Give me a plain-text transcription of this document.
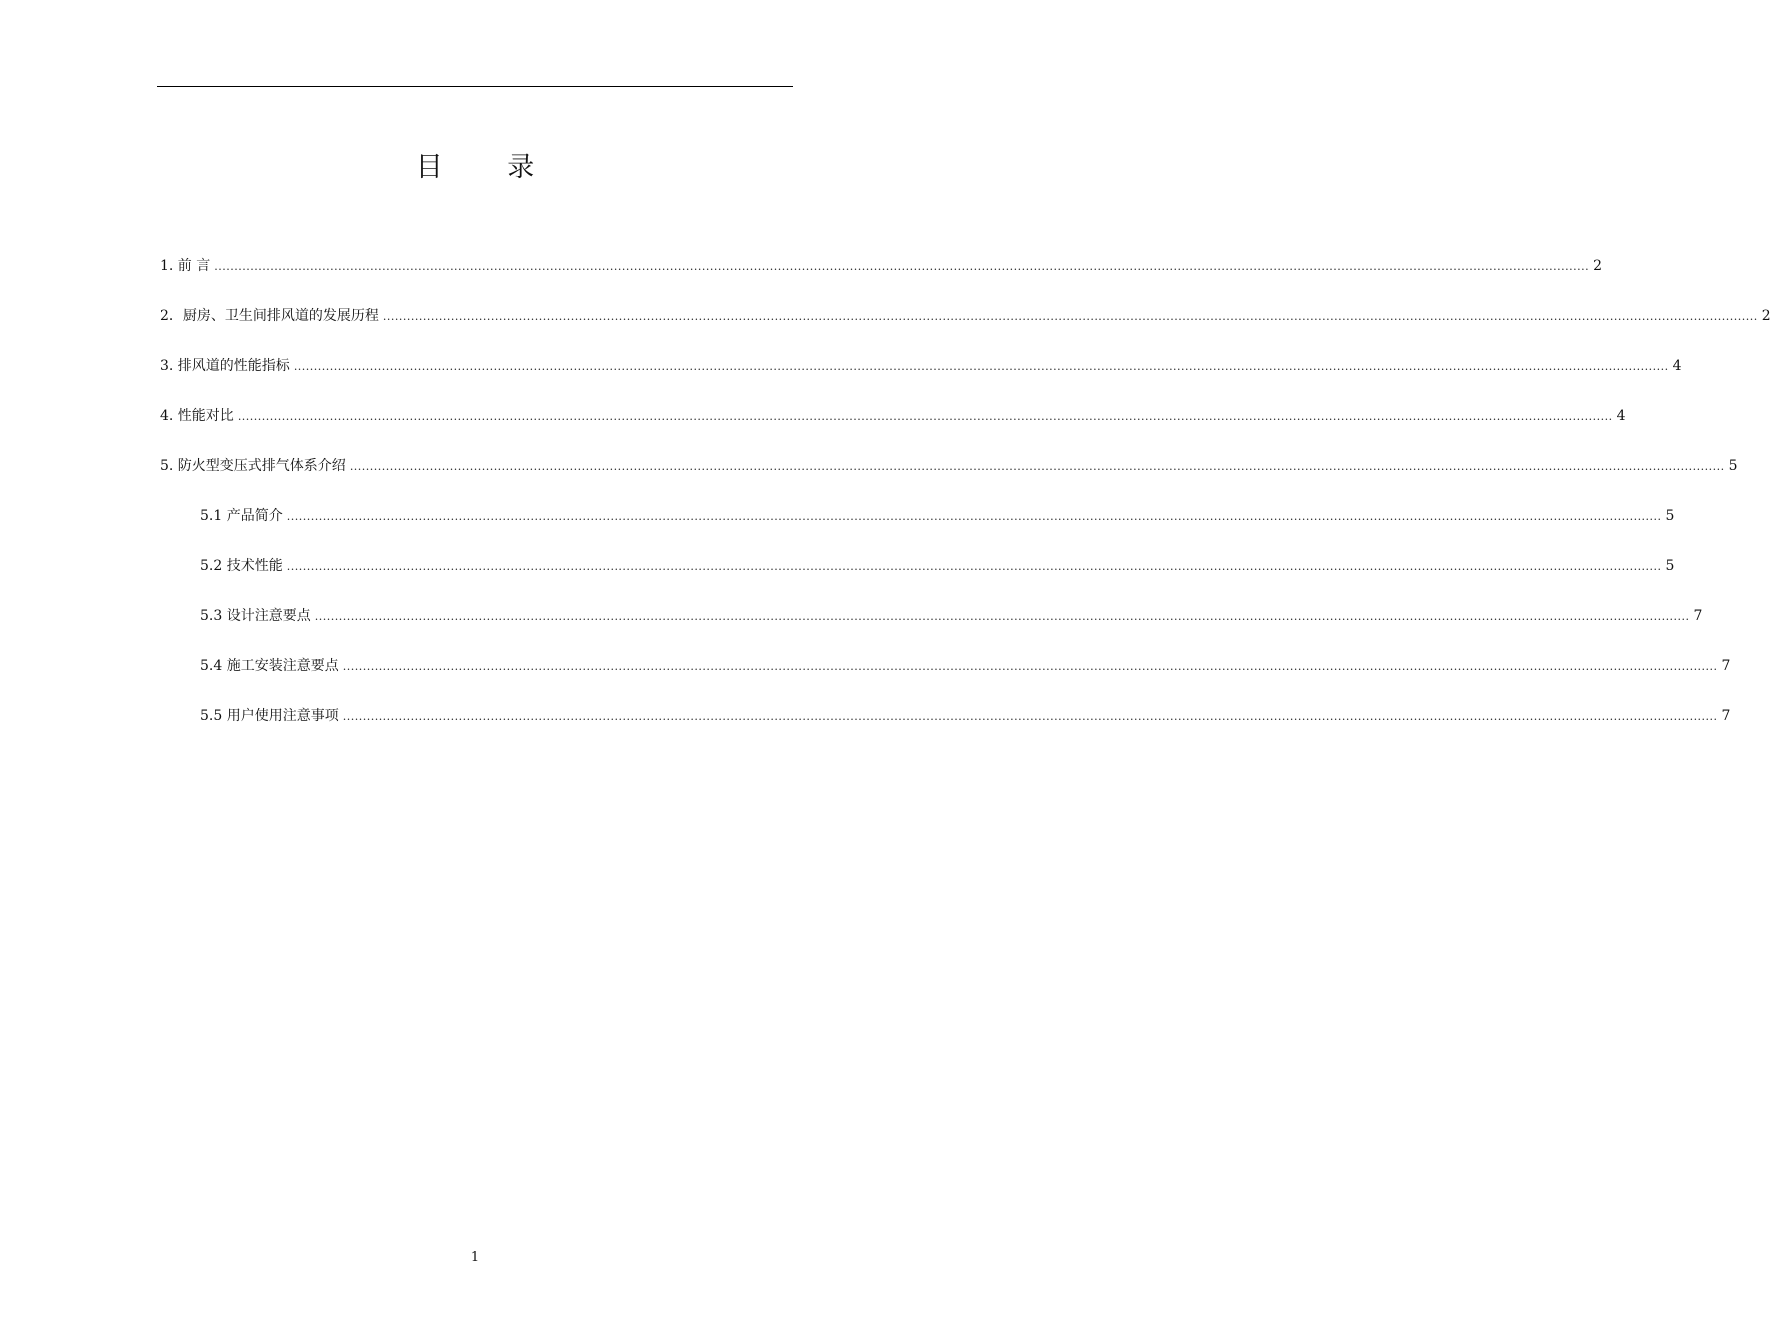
目 录
1. 前 言 ........................................................................................................................................................................................................................................................................................................................................................ 2
2．厨房、卫生间排风道的发展历程 ........................................................................................................................................................................................................................................................................................................................................................ 2
3. 排风道的性能指标 ........................................................................................................................................................................................................................................................................................................................................................ 4
4. 性能对比 ........................................................................................................................................................................................................................................................................................................................................................ 4
5. 防火型变压式排气体系介绍 ........................................................................................................................................................................................................................................................................................................................................................ 5
5.1 产品简介 ........................................................................................................................................................................................................................................................................................................................................................ 5
5.2 技术性能 ........................................................................................................................................................................................................................................................................................................................................................ 5
5.3 设计注意要点 ........................................................................................................................................................................................................................................................................................................................................................ 7
5.4 施工安装注意要点 ........................................................................................................................................................................................................................................................................................................................................................ 7
5.5 用户使用注意事项 ........................................................................................................................................................................................................................................................................................................................................................ 7
1
